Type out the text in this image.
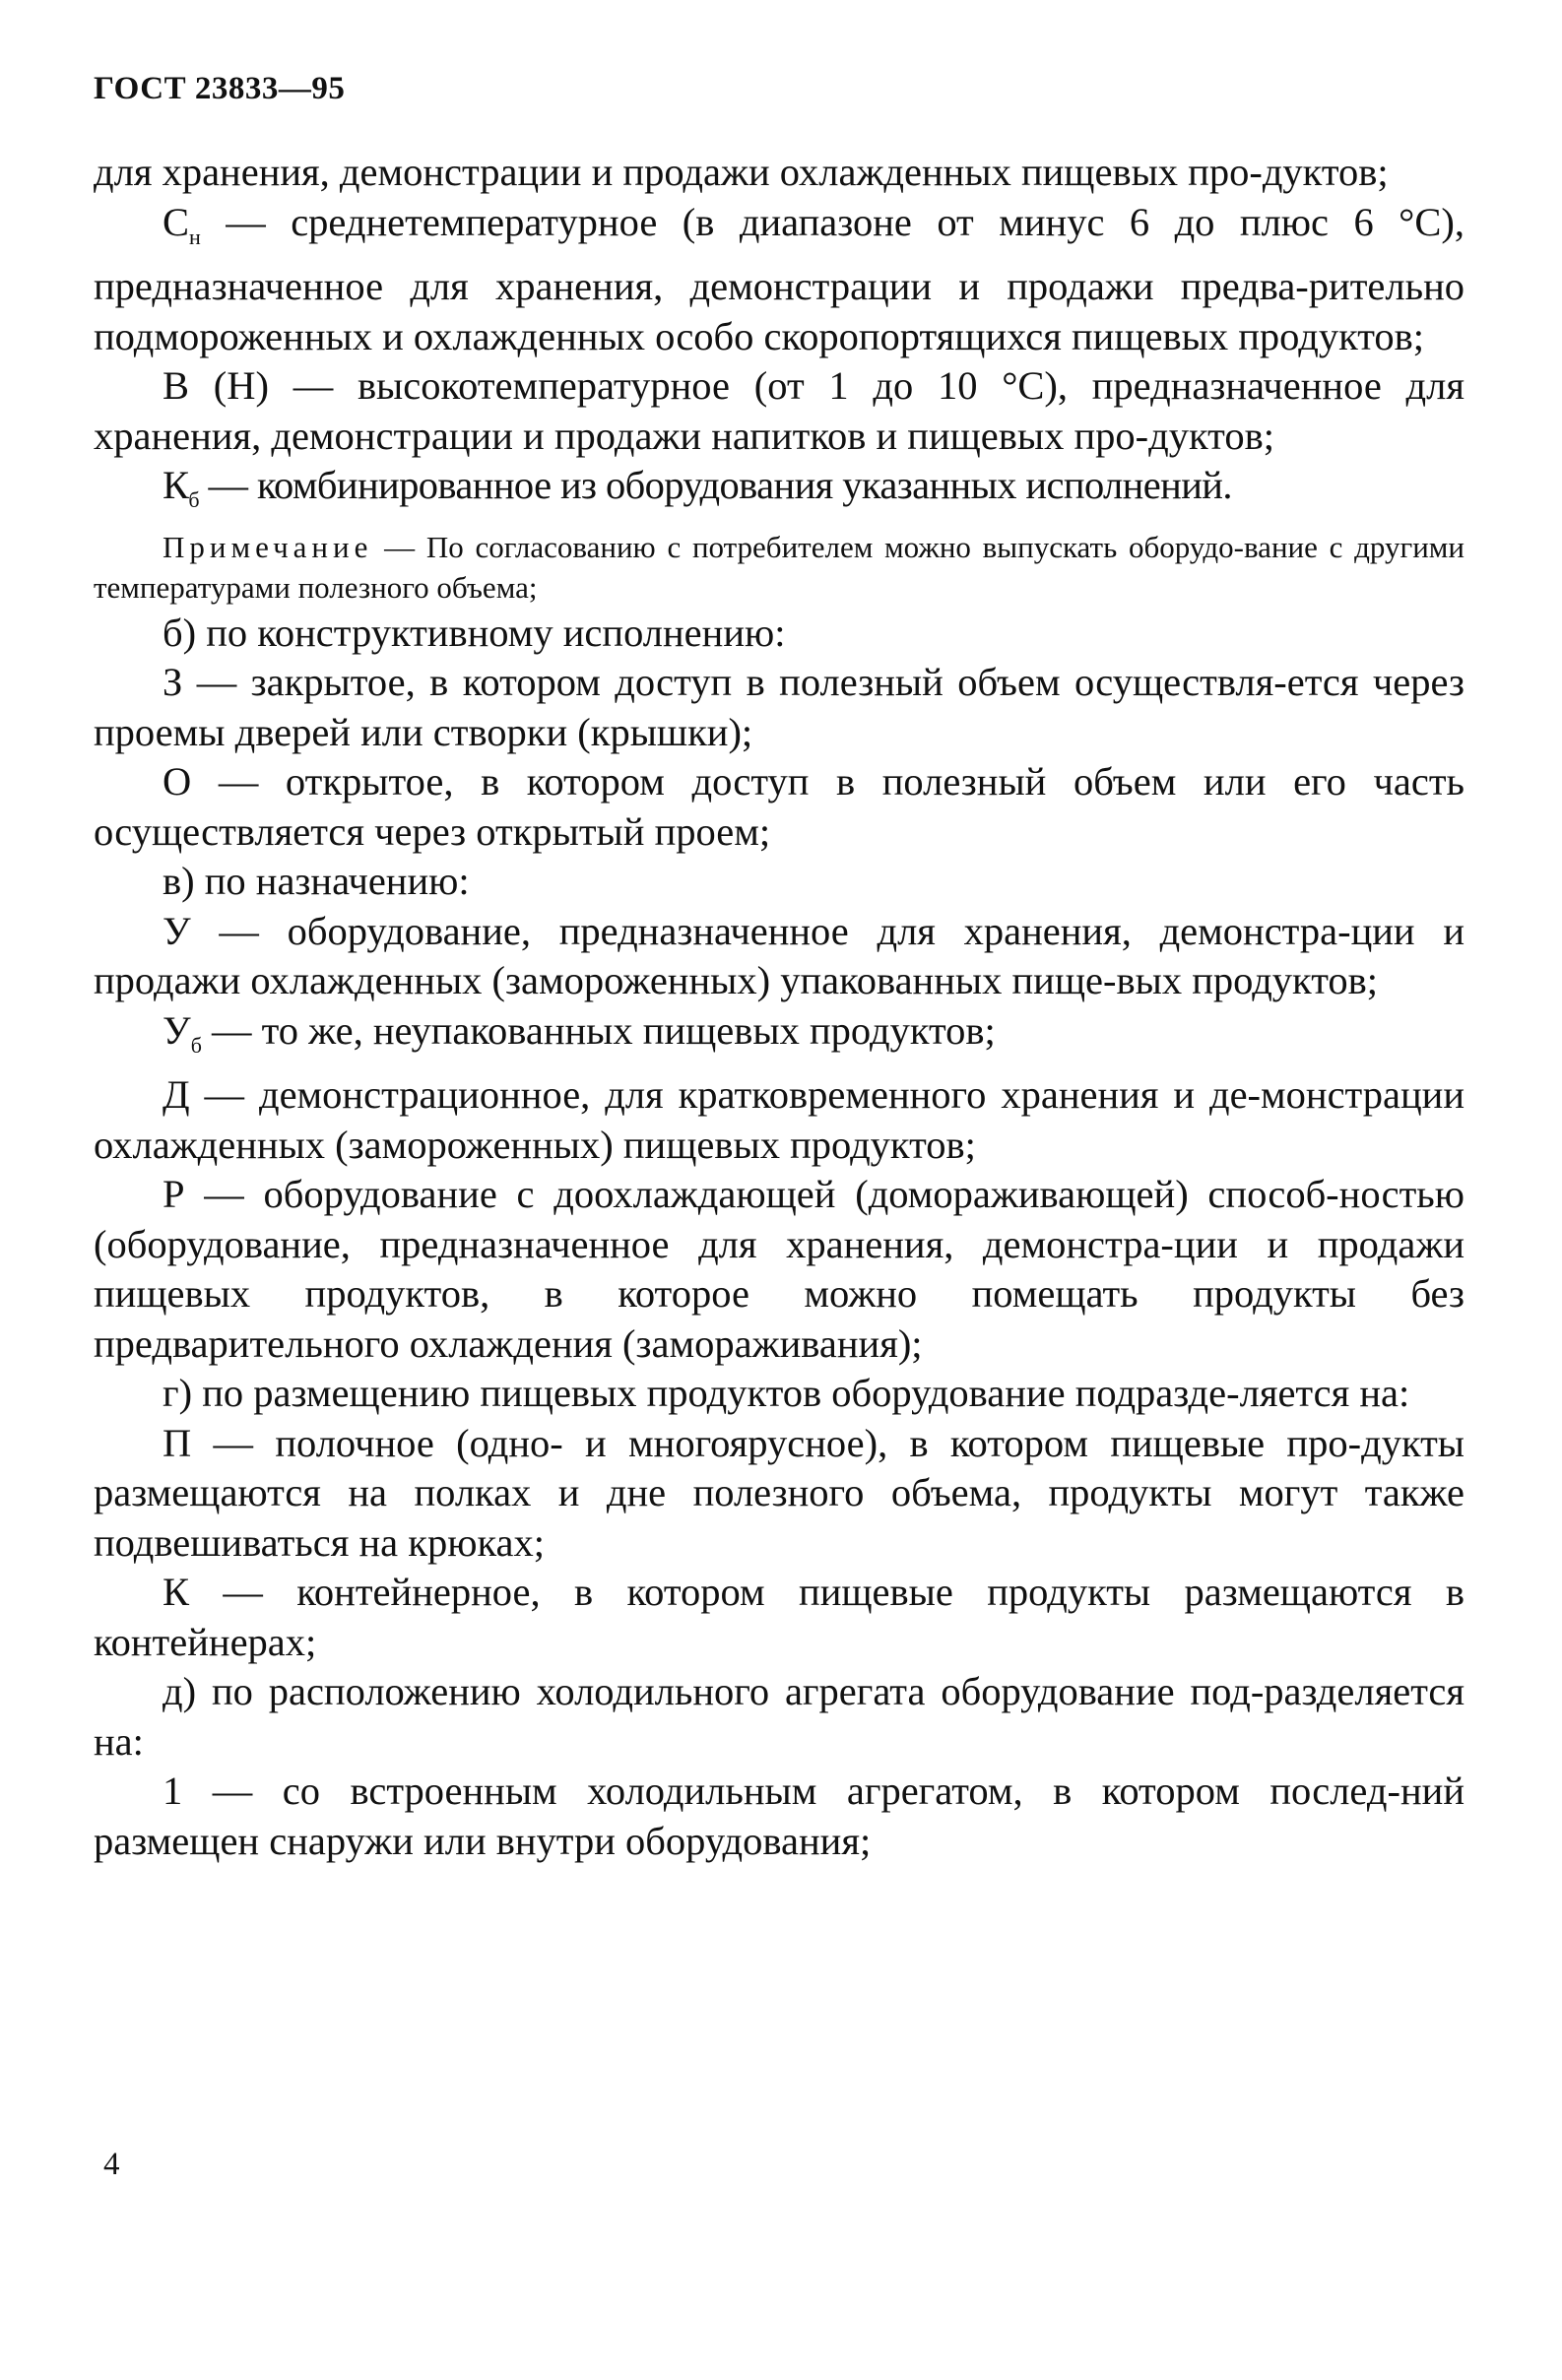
ГОСТ 23833—95

для хранения, демонстрации и продажи охлажденных пищевых про-дуктов;

$С_н$ — среднетемпературное (в диапазоне от минус 6 до плюс 6 °С), предназначенное для хранения, демонстрации и продажи предва-рительно подмороженных и охлажденных особо скоропортящихся пищевых продуктов;

В (Н) — высокотемпературное (от 1 до 10 °С), предназначенное для хранения, демонстрации и продажи напитков и пищевых про-дуктов;

$К_б$ — комбинированное из оборудования указанных исполнений.

Примечание — По согласованию с потребителем можно выпускать оборудо-вание с другими температурами полезного объема;

б) по конструктивному исполнению:

З — закрытое, в котором доступ в полезный объем осуществля-ется через проемы дверей или створки (крышки);

О — открытое, в котором доступ в полезный объем или его часть осуществляется через открытый проем;

в) по назначению:

У — оборудование, предназначенное для хранения, демонстра-ции и продажи охлажденных (замороженных) упакованных пище-вых продуктов;

$У_б$ — то же, неупакованных пищевых продуктов;

Д — демонстрационное, для кратковременного хранения и де-монстрации охлажденных (замороженных) пищевых продуктов;

Р — оборудование с доохлаждающей (домораживающей) способ-ностью (оборудование, предназначенное для хранения, демонстра-ции и продажи пищевых продуктов, в которое можно помещать продукты без предварительного охлаждения (замораживания);

г) по размещению пищевых продуктов оборудование подразде-ляется на:

П — полочное (одно- и многоярусное), в котором пищевые про-дукты размещаются на полках и дне полезного объема, продукты могут также подвешиваться на крюках;

К — контейнерное, в котором пищевые продукты размещаются в контейнерах;

д) по расположению холодильного агрегата оборудование под-разделяется на:

1 — со встроенным холодильным агрегатом, в котором послед-ний размещен снаружи или внутри оборудования;

4
